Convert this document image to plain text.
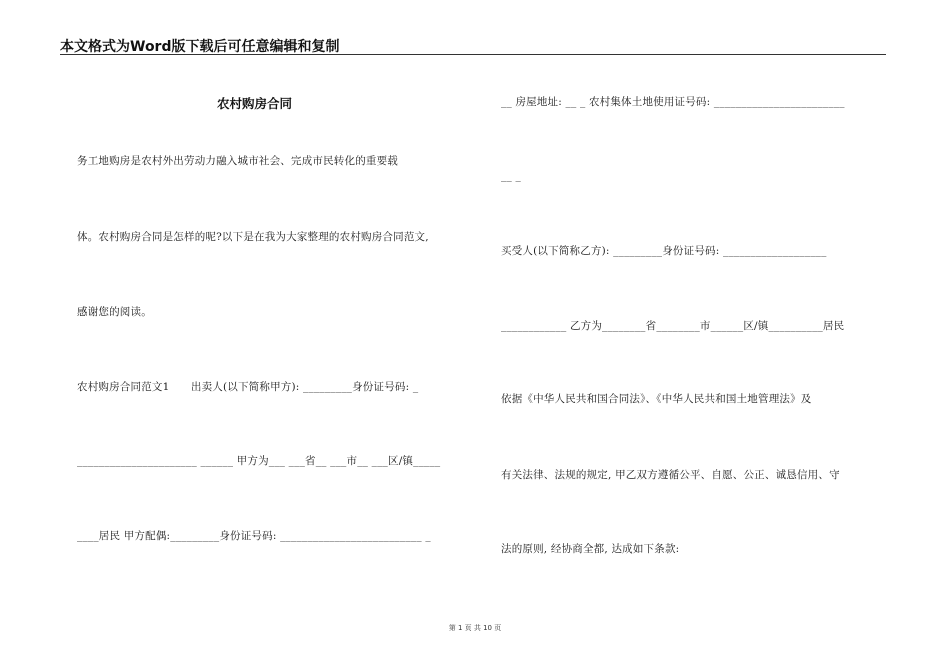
本文格式为Word版下载后可任意编辑和复制
农村购房合同
务工地购房是农村外出劳动力融入城市社会、完成市民转化的重要载
体。农村购房合同是怎样的呢?以下是在我为大家整理的农村购房合同范文,
感谢您的阅读。
农村购房合同范文1　　出卖人(以下简称甲方): _________身份证号码: _
______________________ ______ 甲方为___ ___省__ ___市__ ___区/镇_____
____居民 甲方配偶:_________身份证号码: __________________________ _
__ 房屋地址: __ _ 农村集体土地使用证号码: ________________________
__ _
买受人(以下简称乙方): _________身份证号码: ___________________
____________ 乙方为________省________市______区/镇__________居民
依据《中华人民共和国合同法》、《中华人民共和国土地管理法》及
有关法律、法规的规定, 甲乙双方遵循公平、自愿、公正、诚恳信用、守
法的原则, 经协商全都, 达成如下条款:
第 1 页 共 10 页
